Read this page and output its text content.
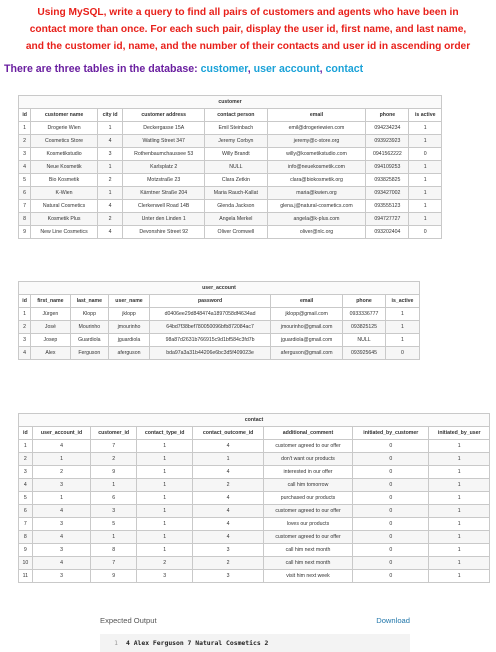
Using MySQL, write a query to find all pairs of customers and agents who have been in
contact more than once. For each such pair, display the user id, first name, and last name,
and the customer id, name, and the number of their contacts and user id in ascending order
There are three tables in the database: customer, user account, contact
customer							
id	customer name	city id	customer address	contact person	email	phone	is active
1	Drogerie Wien	1	Deckergasse 15A	Emil Steinbach	emil@drogeriewien.com	094234234	1
2	Cosmetics Store	4	Watling Street 347	Jeremy Corbyn	jeremy@c-store.org	093923923	1
3	Kosmetikstudio	3	Rothenbaumchaussee 53	Willy Brandt	willy@kosmetikstudio.com	0941562222	0
4	Neue Kosmetik	1	Karlsplatz 2	NULL	info@neuekosmetik.com	094109253	1
5	Bio Kosmetik	2	Motzstraße 23	Clara Zetkin	clara@biokosmetik.org	093825825	1
6	K-Wien	1	Kärntner Straße 204	Maria Rauch-Kallat	maria@kwien.org	093427002	1
7	Natural Cosmetics	4	Clerkenwell Road 14B	Glenda Jackson	glena.j@natural-cosmetics.com	093555123	1
8	Kosmetik Plus	2	Unter den Linden 1	Angela Merkel	angela@k-plus.com	094727727	1
9	New Line Cosmetics	4	Devonshire Street 92	Oliver Cromwell	oliver@nlc.org	093202404	0
user_account							
id	first_name	last_name	user_name	password	email	phone	is_active
1	Jürgen	Klopp	jklopp	d0406ee29d848474a1897058df4634ad	jklopp@gmail.com	0933336777	1
2	José	Mourinho	jmourinho	64bd7f38bef780050096bfb872084ac7	jmourinho@gmail.com	093825125	1
3	Josep	Guardiola	jguardiola	98a87d2631b766915c9d1bf584c3fd7b	jguardiola@gmail.com	NULL	1
4	Alex	Ferguson	aferguson	bda97a3a31b44206e6bc3d5f409023e	aferguson@gmail.com	093925645	0
contact							
id	user_account_id	customer_id	contact_type_id	contact_outcome_id	additional_comment	initiated_by_customer	initiated_by_user
1	4	7	1	4	customer agreed to our offer	0	1
2	1	2	1	1	don't want our products	0	1
3	2	9	1	4	interested in our offer	0	1
4	3	1	1	2	call him tomorrow	0	1
5	1	6	1	4	purchased our products	0	1
6	4	3	1	4	customer agreed to our offer	0	1
7	3	5	1	4	loves our products	0	1
8	4	1	1	4	customer agreed to our offer	0	1
9	3	8	1	3	call him next month	0	1
10	4	7	2	2	call him next month	0	1
11	3	9	3	3	visit him next week	0	1
Expected Output	Download
1 4 Alex Ferguson 7 Natural Cosmetics 2
